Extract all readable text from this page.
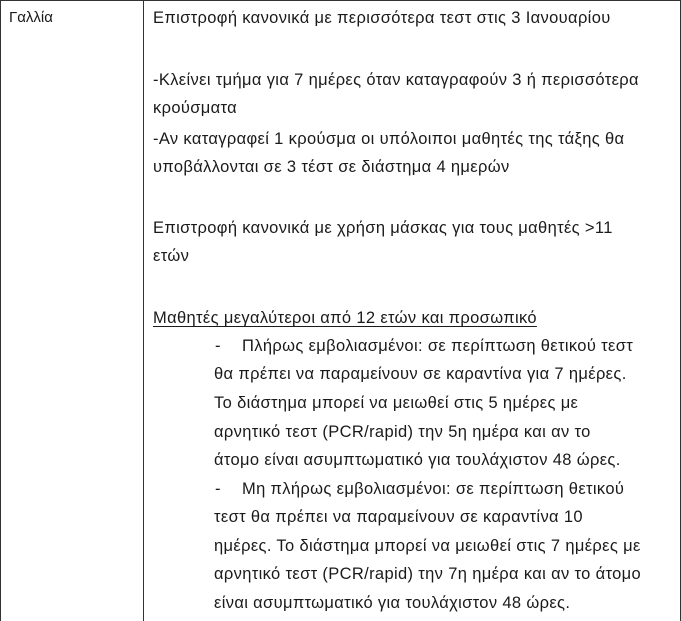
Γαλλία	Επιστροφή κανονικά με περισσότερα τεστ στις 3 Ιανουαρίου
-Κλείνει τμήμα για 7 ημέρες όταν καταγραφούν 3 ή περισσότερα
κρούσματα
-Αν καταγραφεί 1 κρούσμα οι υπόλοιποι μαθητές της τάξης θα
υποβάλλονται σε 3 τέστ σε διάστημα 4 ημερών
Επιστροφή κανονικά με χρήση μάσκας για τους μαθητές >11
ετών
Μαθητές μεγαλύτεροι από 12 ετών και προσωπικό
- Πλήρως εμβολιασμένοι: σε περίπτωση θετικού τεστ
θα πρέπει να παραμείνουν σε καραντίνα για 7 ημέρες.
Το διάστημα μπορεί να μειωθεί στις 5 ημέρες με
αρνητικό τεστ (PCR/rapid) την 5η ημέρα και αν το
άτομο είναι ασυμπτωματικό για τουλάχιστον 48 ώρες.
- Μη πλήρως εμβολιασμένοι: σε περίπτωση θετικού
τεστ θα πρέπει να παραμείνουν σε καραντίνα 10
ημέρες. Το διάστημα μπορεί να μειωθεί στις 7 ημέρες με
αρνητικό τεστ (PCR/rapid) την 7η ημέρα και αν το άτομο
είναι ασυμπτωματικό για τουλάχιστον 48 ώρες.
